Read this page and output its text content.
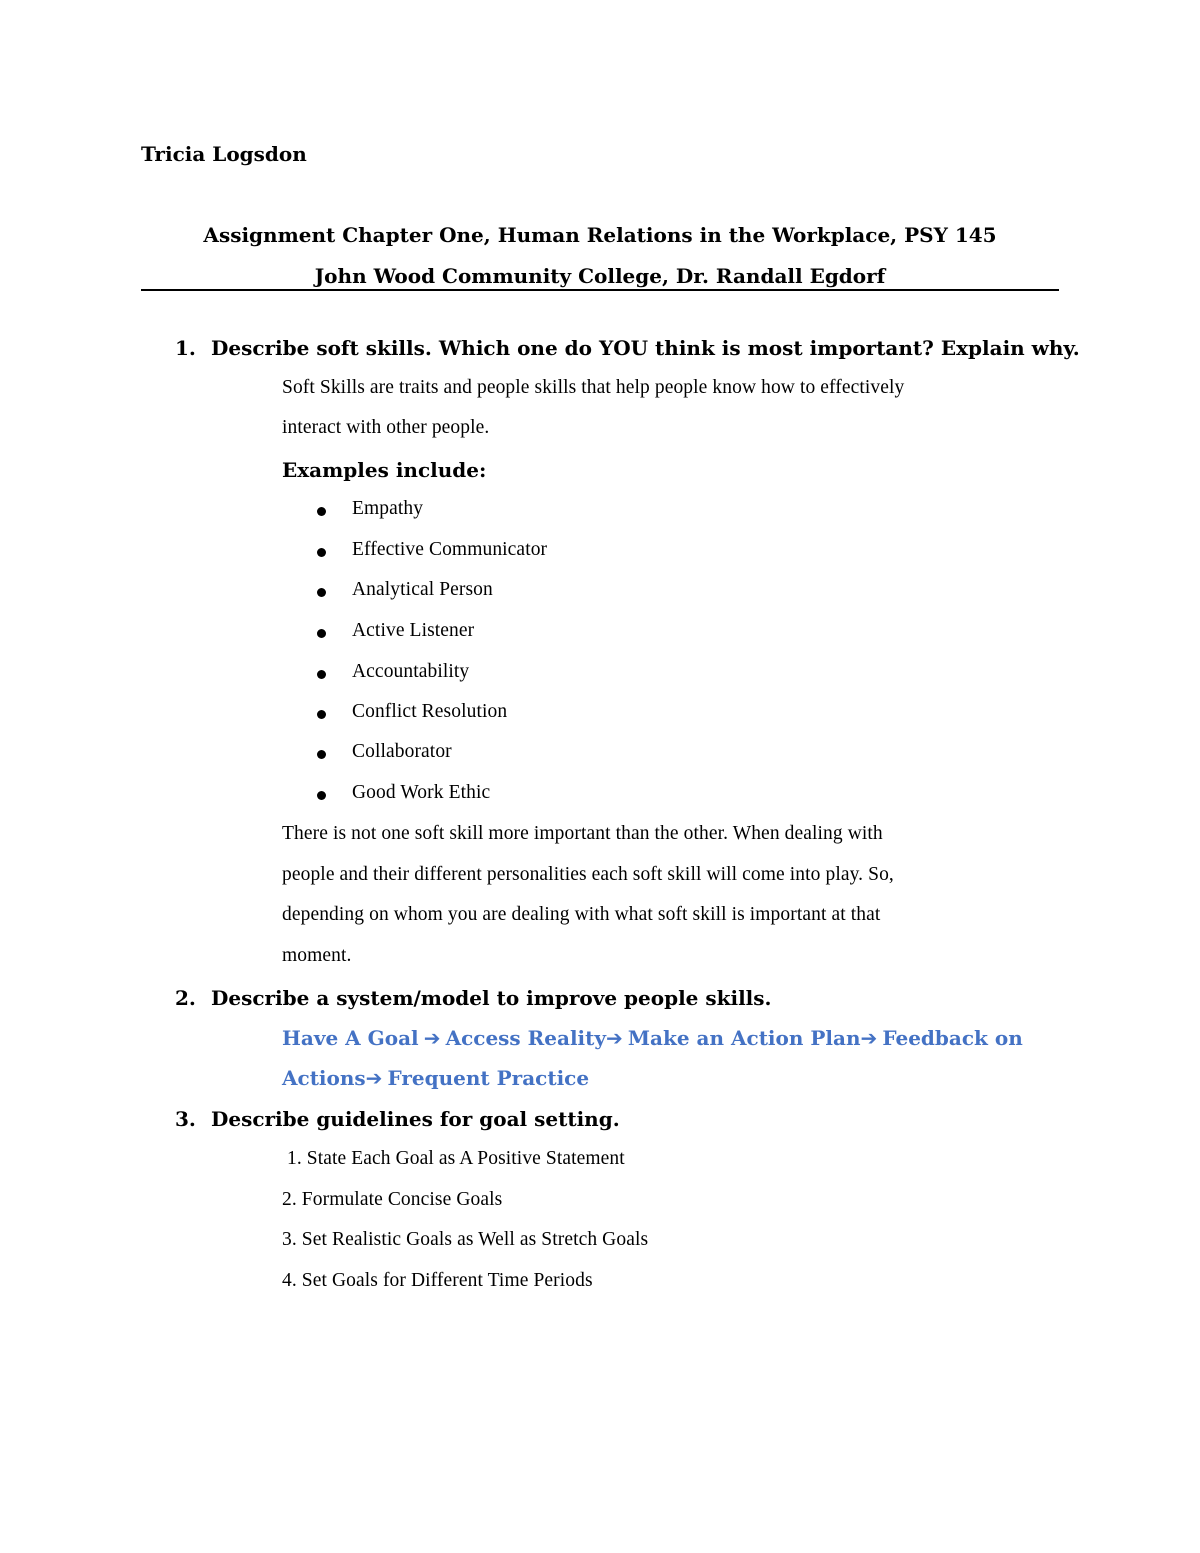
Tricia Logsdon
Assignment Chapter One, Human Relations in the Workplace, PSY 145
John Wood Community College, Dr. Randall Egdorf
1. Describe soft skills. Which one do YOU think is most important? Explain why.
Soft Skills are traits and people skills that help people know how to effectively
interact with other people.
Examples include:
Empathy
Effective Communicator
Analytical Person
Active Listener
Accountability
Conflict Resolution
Collaborator
Good Work Ethic
There is not one soft skill more important than the other. When dealing with
people and their different personalities each soft skill will come into play. So,
depending on whom you are dealing with what soft skill is important at that
moment.
2. Describe a system/model to improve people skills.
Have A Goal ➔ Access Reality➔ Make an Action Plan➔ Feedback on
Actions➔ Frequent Practice
3. Describe guidelines for goal setting.
1. State Each Goal as A Positive Statement
2. Formulate Concise Goals
3. Set Realistic Goals as Well as Stretch Goals
4. Set Goals for Different Time Periods
